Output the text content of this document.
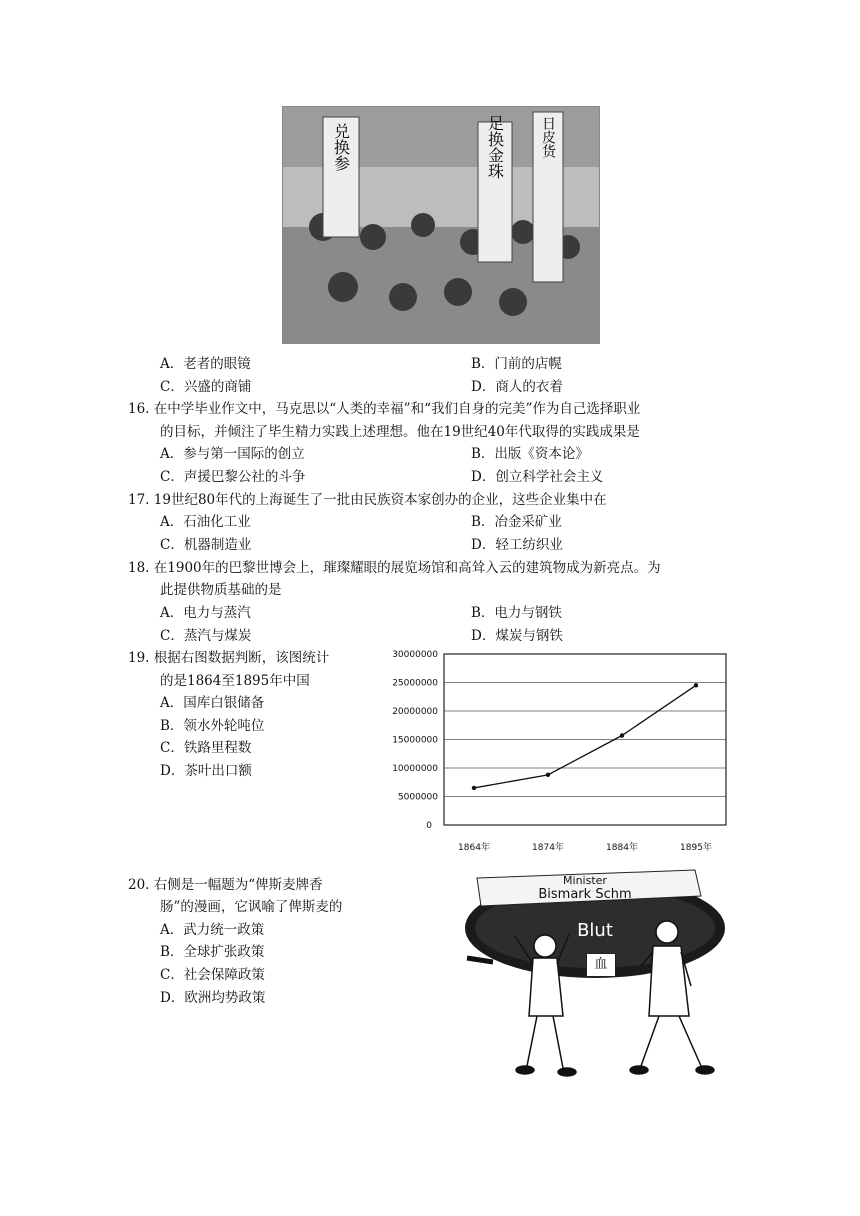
兑换参	足换金珠	日皮货
A．老者的眼镜	B．门前的店幌
C．兴盛的商铺	D．商人的衣着
16. 在中学毕业作文中，马克思以“人类的幸福”和“我们自身的完美”作为自己选择职业
的目标，并倾注了毕生精力实践上述理想。他在19世纪40年代取得的实践成果是
A．参与第一国际的创立	B．出版《资本论》
C．声援巴黎公社的斗争	D．创立科学社会主义
17. 19世纪80年代的上海诞生了一批由民族资本家创办的企业，这些企业集中在
A．石油化工业	B．冶金采矿业
C．机器制造业	D．轻工纺织业
18. 在1900年的巴黎世博会上，璀璨耀眼的展览场馆和高耸入云的建筑物成为新亮点。为
此提供物质基础的是
A．电力与蒸汽	B．电力与钢铁
C．蒸汽与煤炭	D．煤炭与钢铁
19. 根据右图数据判断，该图统计
的是1864至1895年中国
A．国库白银储备
B．领水外轮吨位
C．铁路里程数
D．茶叶出口额
30000000
25000000
20000000
15000000
10000000
5000000
0
1864年	1874年	1884年	1895年
20. 右侧是一幅题为“俾斯麦牌香
肠”的漫画，它讽喻了俾斯麦的
A．武力统一政策
B．全球扩张政策
C．社会保障政策
D．欧洲均势政策
Minister
Bismark Schm
Blut
血
